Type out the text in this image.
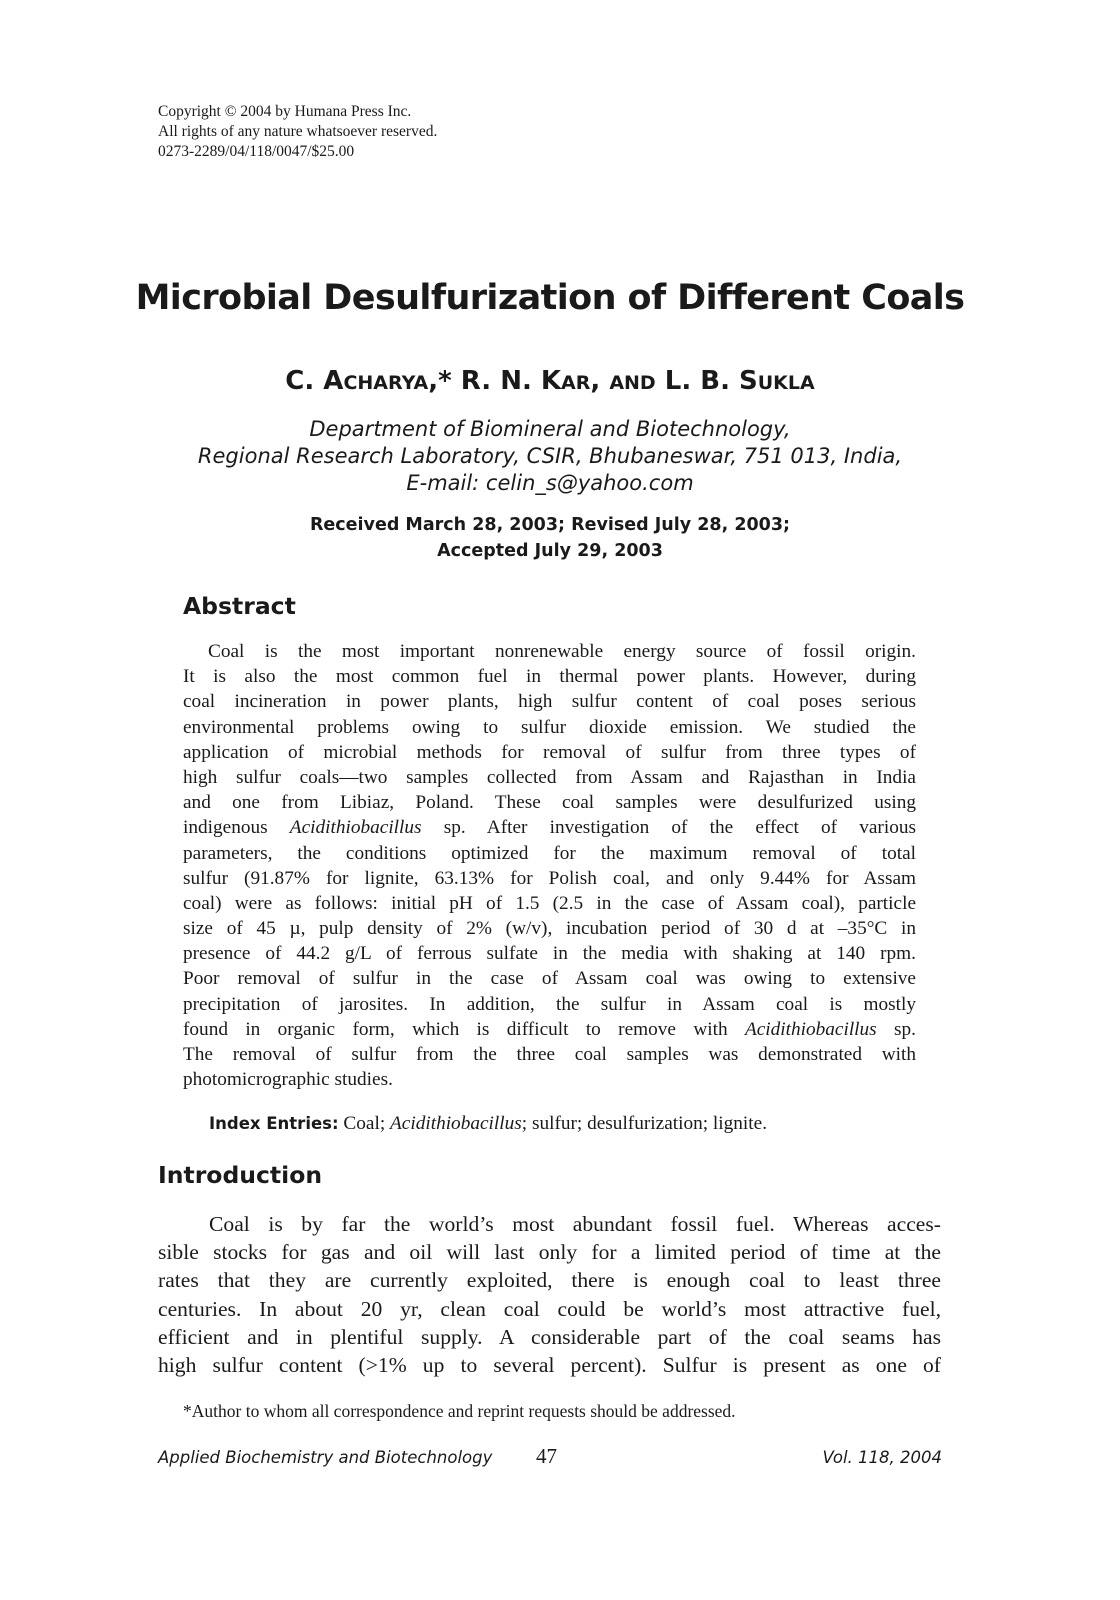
Copyright © 2004 by Humana Press Inc.
All rights of any nature whatsoever reserved.
0273-2289/04/118/0047/$25.00
Microbial Desulfurization of Different Coals
C. ACHARYA,* R. N. KAR, AND L. B. SUKLA
Department of Biomineral and Biotechnology,
Regional Research Laboratory, CSIR, Bhubaneswar, 751 013, India,
E-mail: celin_s@yahoo.com
Received March 28, 2003; Revised July 28, 2003;
Accepted July 29, 2003
Abstract
Coal is the most important nonrenewable energy source of fossil origin.
It is also the most common fuel in thermal power plants. However, during
coal incineration in power plants, high sulfur content of coal poses serious
environmental problems owing to sulfur dioxide emission. We studied the
application of microbial methods for removal of sulfur from three types of
high sulfur coals—two samples collected from Assam and Rajasthan in India
and one from Libiaz, Poland. These coal samples were desulfurized using
indigenous Acidithiobacillus sp. After investigation of the effect of various
parameters, the conditions optimized for the maximum removal of total
sulfur (91.87% for lignite, 63.13% for Polish coal, and only 9.44% for Assam
coal) were as follows: initial pH of 1.5 (2.5 in the case of Assam coal), particle
size of 45 µ, pulp density of 2% (w/v), incubation period of 30 d at –35°C in
presence of 44.2 g/L of ferrous sulfate in the media with shaking at 140 rpm.
Poor removal of sulfur in the case of Assam coal was owing to extensive
precipitation of jarosites. In addition, the sulfur in Assam coal is mostly
found in organic form, which is difficult to remove with Acidithiobacillus sp.
The removal of sulfur from the three coal samples was demonstrated with
photomicrographic studies.
Index Entries: Coal; Acidithiobacillus; sulfur; desulfurization; lignite.
Introduction
Coal is by far the world’s most abundant fossil fuel. Whereas acces-
sible stocks for gas and oil will last only for a limited period of time at the
rates that they are currently exploited, there is enough coal to least three
centuries. In about 20 yr, clean coal could be world’s most attractive fuel,
efficient and in plentiful supply. A considerable part of the coal seams has
high sulfur content (>1% up to several percent). Sulfur is present as one of
*Author to whom all correspondence and reprint requests should be addressed.
Applied Biochemistry and Biotechnology 47	Vol. 118, 2004
